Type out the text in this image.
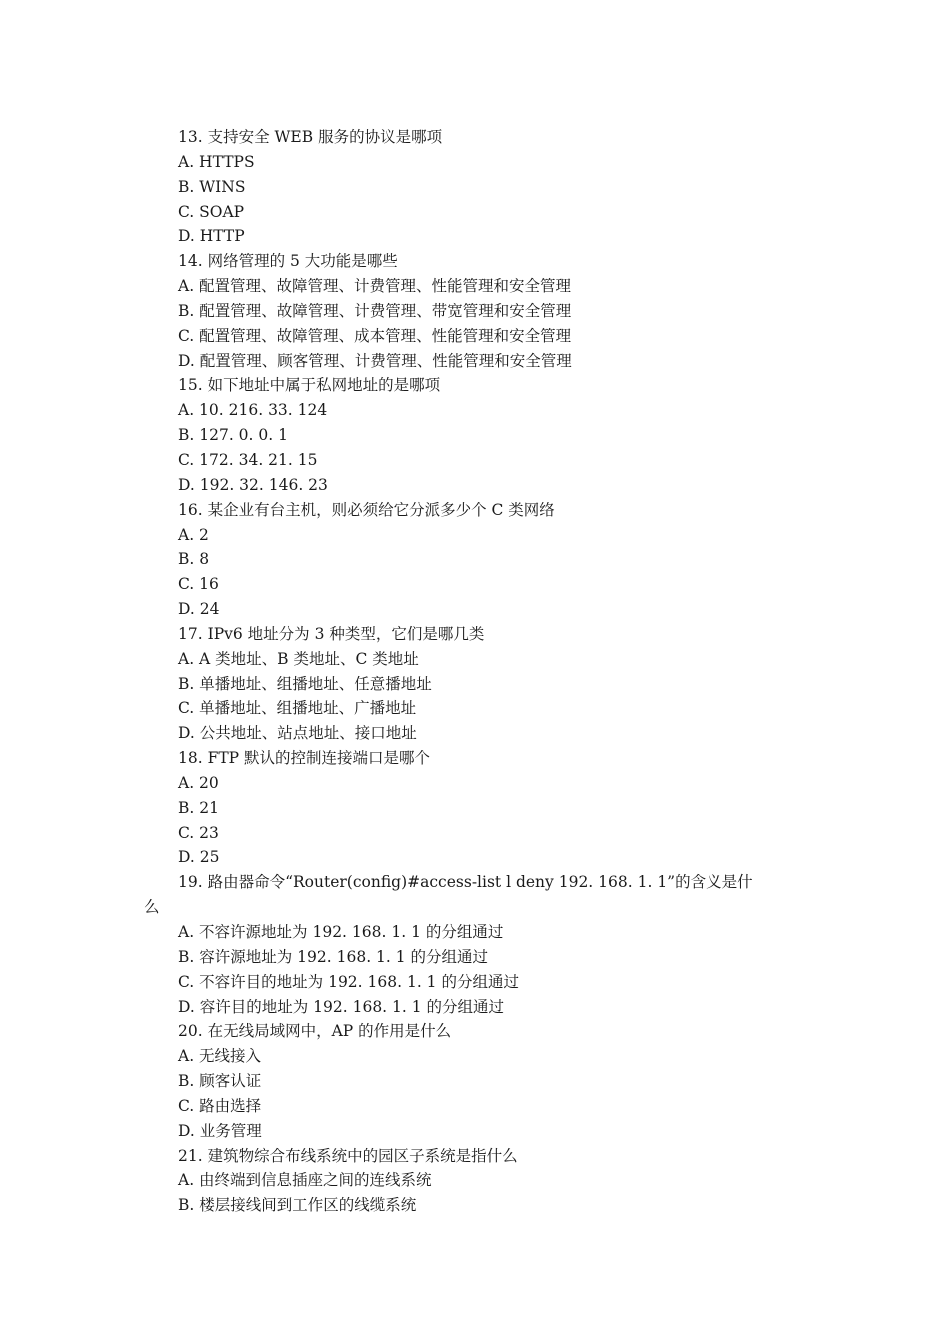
13. 支持安全 WEB 服务的协议是哪项
A. HTTPS
B. WINS
C. SOAP
D. HTTP
14. 网络管理的 5 大功能是哪些
A. 配置管理、故障管理、计费管理、性能管理和安全管理
B. 配置管理、故障管理、计费管理、带宽管理和安全管理
C. 配置管理、故障管理、成本管理、性能管理和安全管理
D. 配置管理、顾客管理、计费管理、性能管理和安全管理
15. 如下地址中属于私网地址的是哪项
A. 10. 216. 33. 124
B. 127. 0. 0. 1
C. 172. 34. 21. 15
D. 192. 32. 146. 23
16. 某企业有台主机，则必须给它分派多少个 C 类网络
A. 2
B. 8
C. 16
D. 24
17. IPv6 地址分为 3 种类型，它们是哪几类
A. A 类地址、B 类地址、C 类地址
B. 单播地址、组播地址、任意播地址
C. 单播地址、组播地址、广播地址
D. 公共地址、站点地址、接口地址
18. FTP 默认的控制连接端口是哪个
A. 20
B. 21
C. 23
D. 25
19. 路由器命令“Router(config)#access-list l deny 192. 168. 1. 1”的含义是什
么
A. 不容许源地址为 192. 168. 1. 1 的分组通过
B. 容许源地址为 192. 168. 1. 1 的分组通过
C. 不容许目的地址为 192. 168. 1. 1 的分组通过
D. 容许目的地址为 192. 168. 1. 1 的分组通过
20. 在无线局域网中，AP 的作用是什么
A. 无线接入
B. 顾客认证
C. 路由选择
D. 业务管理
21. 建筑物综合布线系统中的园区子系统是指什么
A. 由终端到信息插座之间的连线系统
B. 楼层接线间到工作区的线缆系统
